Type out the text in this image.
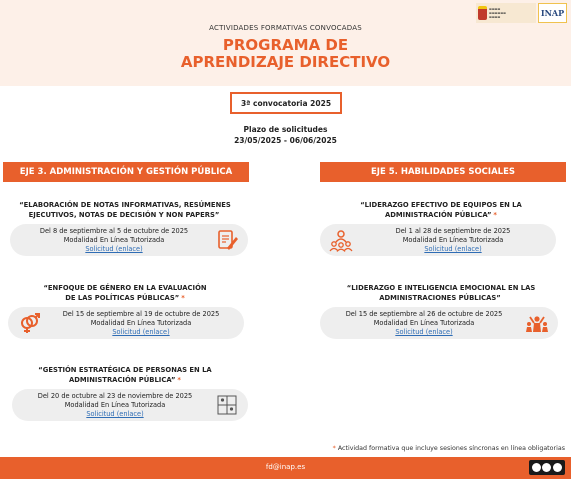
▬▬▬▬
▬▬▬▬▬▬
▬▬▬▬	INAP
ACTIVIDADES FORMATIVAS CONVOCADAS
PROGRAMA DE
APRENDIZAJE DIRECTIVO
3ª convocatoria 2025
Plazo de solicitudes
23/05/2025 - 06/06/2025
EJE 3. ADMINISTRACIÓN Y GESTIÓN PÚBLICA
“ELABORACIÓN DE NOTAS INFORMATIVAS, RESÚMENES
EJECUTIVOS, NOTAS DE DECISIÓN Y NON PAPERS”
Del 8 de septiembre al 5 de octubre de 2025
Modalidad En Línea Tutorizada
Solicitud (enlace)
“ENFOQUE DE GÉNERO EN LA EVALUACIÓN
DE LAS POLÍTICAS PÚBLICAS” *
Del 15 de septiembre al 19 de octubre de 2025
Modalidad En Línea Tutorizada
Solicitud (enlace)
“GESTIÓN ESTRATÉGICA DE PERSONAS EN LA
ADMINISTRACIÓN PÚBLICA” *
Del 20 de octubre al 23 de noviembre de 2025
Modalidad En Línea Tutorizada
Solicitud (enlace)
EJE 5. HABILIDADES SOCIALES
“LIDERAZGO EFECTIVO DE EQUIPOS EN LA
ADMINISTRACIÓN PÚBLICA” *
Del 1 al 28 de septiembre de 2025
Modalidad En Línea Tutorizada
Solicitud (enlace)
“LIDERAZGO E INTELIGENCIA EMOCIONAL EN LAS
ADMINISTRACIONES PÚBLICAS”
Del 15 de septiembre al 26 de octubre de 2025
Modalidad En Línea Tutorizada
Solicitud (enlace)
* Actividad formativa que incluye sesiones síncronas en línea obligatorias
fd@inap.es
